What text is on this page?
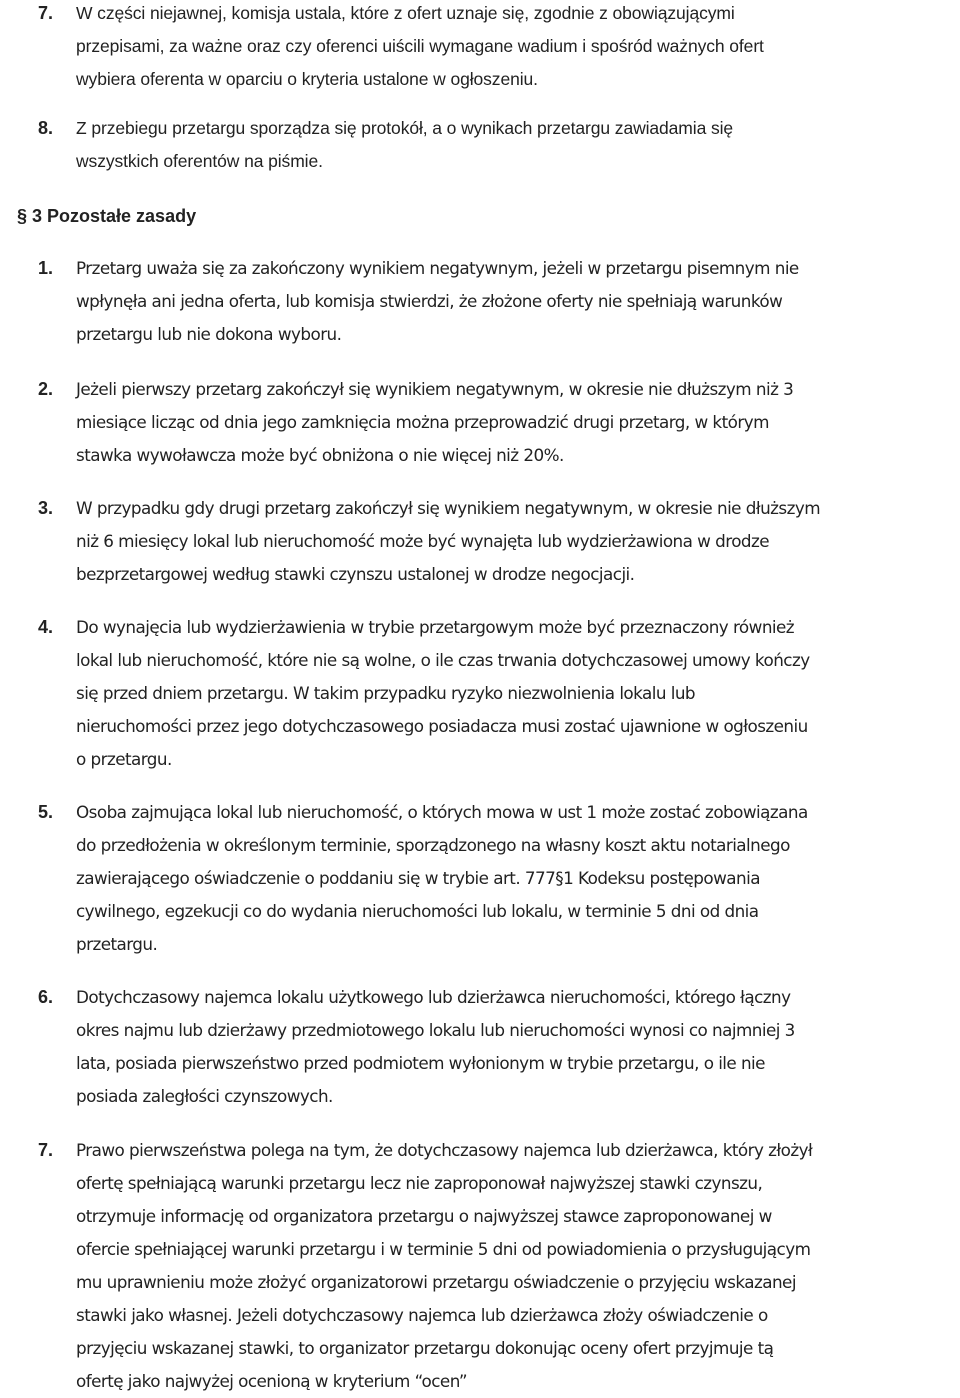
7. W części niejawnej, komisja ustala, które z ofert uznaje się, zgodnie z obowiązującymi
przepisami, za ważne oraz czy oferenci uiścili wymagane wadium i spośród ważnych ofert
wybiera oferenta w oparciu o kryteria ustalone w ogłoszeniu.
8. Z przebiegu przetargu sporządza się protokół, a o wynikach przetargu zawiadamia się
wszystkich oferentów na piśmie.
§ 3 Pozostałe zasady
1. Przetarg uważa się za zakończony wynikiem negatywnym, jeżeli w przetargu pisemnym nie
wpłynęła ani jedna oferta, lub komisja stwierdzi, że złożone oferty nie spełniają warunków
przetargu lub nie dokona wyboru.
2. Jeżeli pierwszy przetarg zakończył się wynikiem negatywnym, w okresie nie dłuższym niż 3
miesiące licząc od dnia jego zamknięcia można przeprowadzić drugi przetarg, w którym
stawka wywoławcza może być obniżona o nie więcej niż 20%.
3. W przypadku gdy drugi przetarg zakończył się wynikiem negatywnym, w okresie nie dłuższym
niż 6 miesięcy lokal lub nieruchomość może być wynajęta lub wydzierżawiona w drodze
bezprzetargowej według stawki czynszu ustalonej w drodze negocjacji.
4. Do wynajęcia lub wydzierżawienia w trybie przetargowym może być przeznaczony również
lokal lub nieruchomość, które nie są wolne, o ile czas trwania dotychczasowej umowy kończy
się przed dniem przetargu. W takim przypadku ryzyko niezwolnienia lokalu lub
nieruchomości przez jego dotychczasowego posiadacza musi zostać ujawnione w ogłoszeniu
o przetargu.
5. Osoba zajmująca lokal lub nieruchomość, o których mowa w ust 1 może zostać zobowiązana
do przedłożenia w określonym terminie, sporządzonego na własny koszt aktu notarialnego
zawierającego oświadczenie o poddaniu się w trybie art. 777§1 Kodeksu postępowania
cywilnego, egzekucji co do wydania nieruchomości lub lokalu, w terminie 5 dni od dnia
przetargu.
6. Dotychczasowy najemca lokalu użytkowego lub dzierżawca nieruchomości, którego łączny
okres najmu lub dzierżawy przedmiotowego lokalu lub nieruchomości wynosi co najmniej 3
lata, posiada pierwszeństwo przed podmiotem wyłonionym w trybie przetargu, o ile nie
posiada zaległości czynszowych.
7. Prawo pierwszeństwa polega na tym, że dotychczasowy najemca lub dzierżawca, który złożył
ofertę spełniającą warunki przetargu lecz nie zaproponował najwyższej stawki czynszu,
otrzymuje informację od organizatora przetargu o najwyższej stawce zaproponowanej w
ofercie spełniającej warunki przetargu i w terminie 5 dni od powiadomienia o przysługującym
mu uprawnieniu może złożyć organizatorowi przetargu oświadczenie o przyjęciu wskazanej
stawki jako własnej. Jeżeli dotychczasowy najemca lub dzierżawca złoży oświadczenie o
przyjęciu wskazanej stawki, to organizator przetargu dokonując oceny ofert przyjmuje tą
ofertę jako najwyżej ocenioną w kryterium “ocen”
